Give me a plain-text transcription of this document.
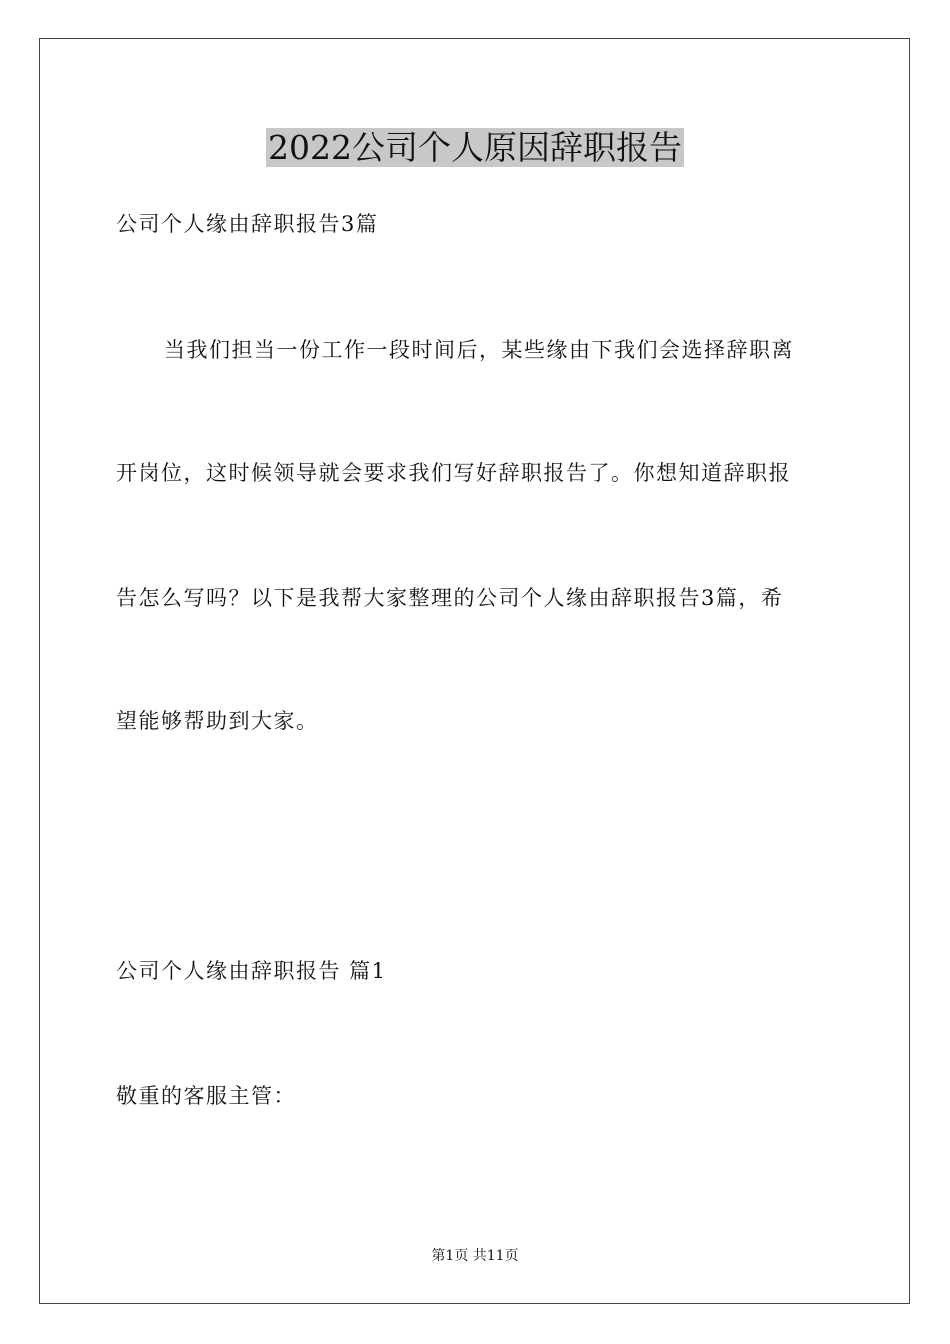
2022公司个人原因辞职报告
公司个人缘由辞职报告3篇
当我们担当一份工作一段时间后，某些缘由下我们会选择辞职离
开岗位，这时候领导就会要求我们写好辞职报告了。你想知道辞职报
告怎么写吗？以下是我帮大家整理的公司个人缘由辞职报告3篇，希
望能够帮助到大家。
公司个人缘由辞职报告 篇1
敬重的客服主管：
第1页 共11页
